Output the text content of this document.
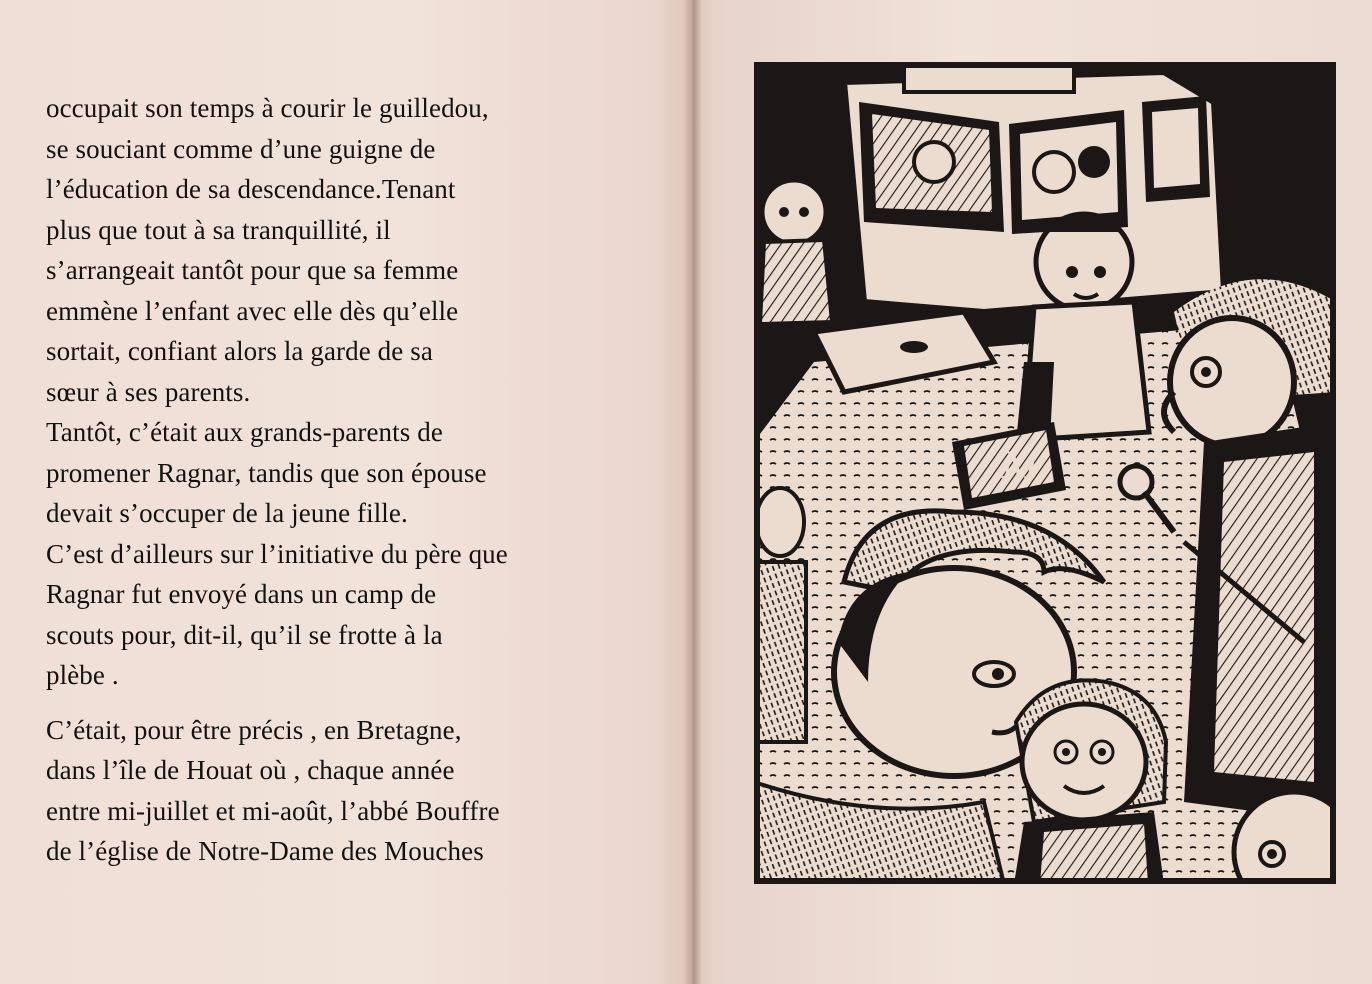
occupait son temps à courir le guilledou,
se souciant comme d’une guigne de
l’éducation de sa descendance.Tenant
plus que tout à sa tranquillité, il
s’arrangeait tantôt pour que sa femme
emmène l’enfant avec elle dès qu’elle
sortait, confiant alors la garde de sa
sœur à ses parents.

Tantôt, c’était aux grands-parents de
promener Ragnar, tandis que son épouse
devait s’occuper de la jeune fille.

C’est d’ailleurs sur l’initiative du père que
Ragnar fut envoyé dans un camp de
scouts pour, dit-il, qu’il se frotte à la
plèbe .

C’était, pour être précis , en Bretagne,
dans l’île de Houat où , chaque année
entre mi-juillet et mi-août, l’abbé Bouffre
de l’église de Notre-Dame des Mouches

M
